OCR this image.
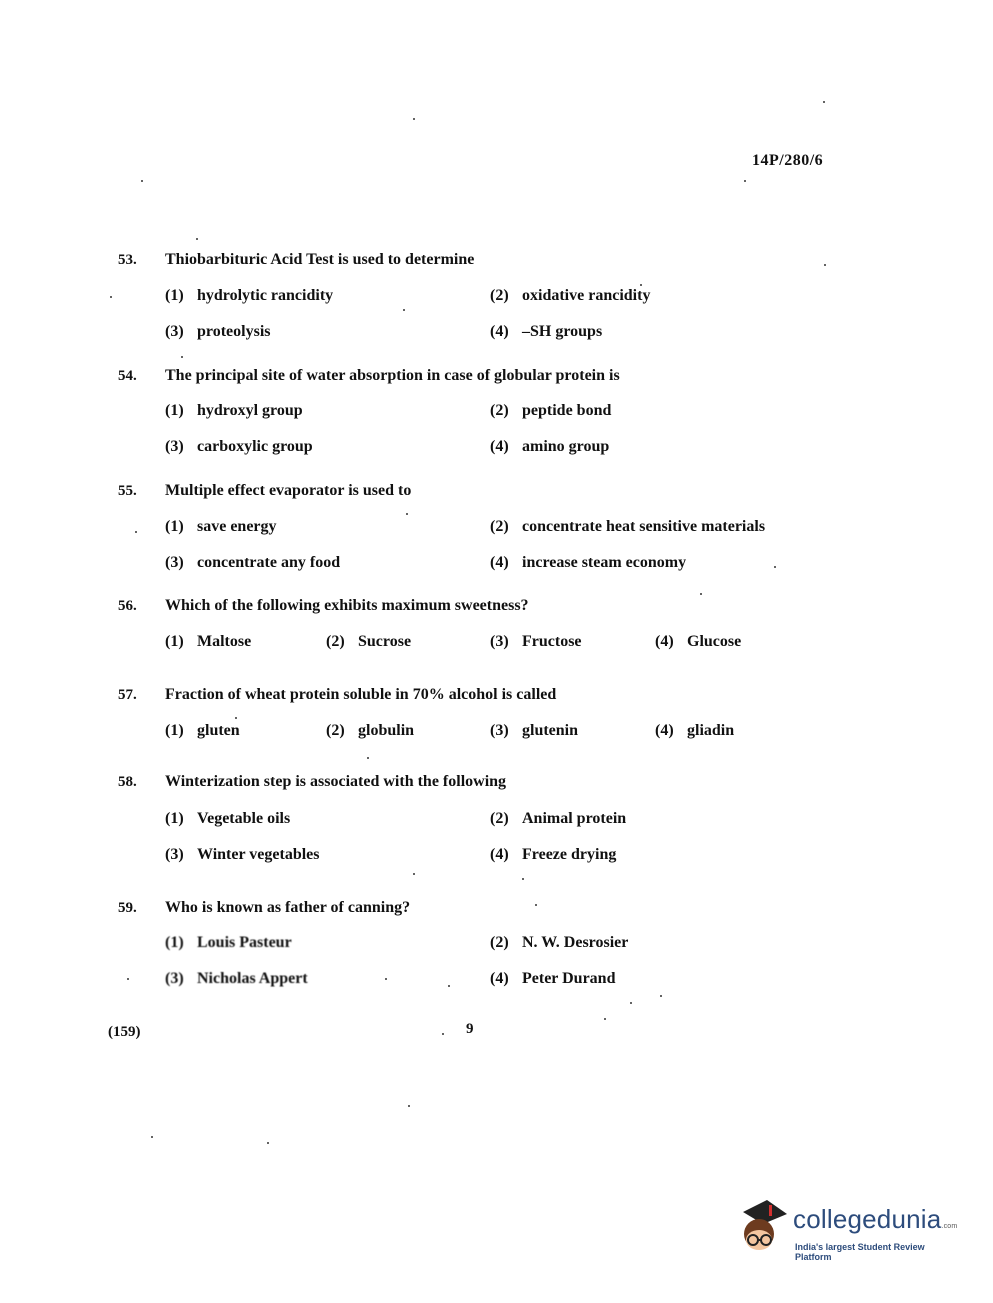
14P/280/6
53. Thiobarbituric Acid Test is used to determine
(1) hydrolytic rancidity	(2) oxidative rancidity
(3) proteolysis	(4) –SH groups
54. The principal site of water absorption in case of globular protein is
(1) hydroxyl group	(2) peptide bond
(3) carboxylic group	(4) amino group
55. Multiple effect evaporator is used to
(1) save energy	(2) concentrate heat sensitive materials
(3) concentrate any food	(4) increase steam economy
56. Which of the following exhibits maximum sweetness?
(1) Maltose	(2) Sucrose	(3) Fructose	(4) Glucose
57. Fraction of wheat protein soluble in 70% alcohol is called
(1) gluten	(2) globulin	(3) glutenin	(4) gliadin
58. Winterization step is associated with the following
(1) Vegetable oils	(2) Animal protein
(3) Winter vegetables	(4) Freeze drying
59. Who is known as father of canning?
(1) Louis Pasteur	(2) N. W. Desrosier
(3) Nicholas Appert	(4) Peter Durand
(159)	9
collegedunia.com
India's largest Student Review Platform
